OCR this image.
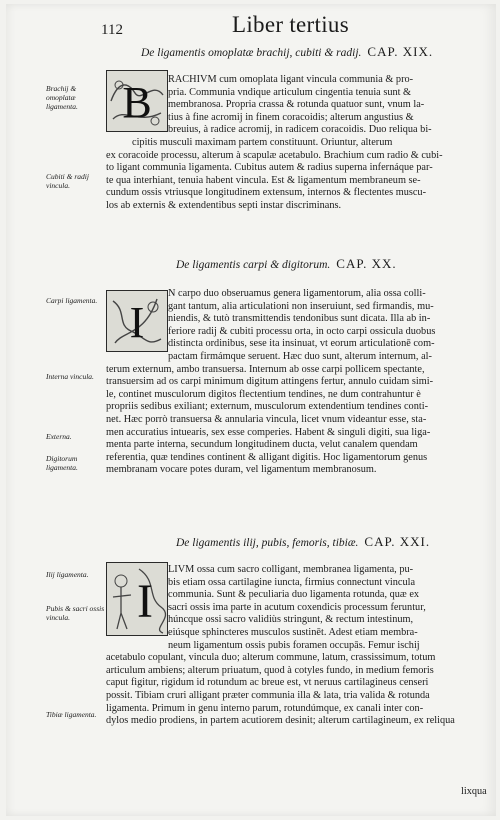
112	Liber tertius
De ligamentis omoplatæ brachij, cubiti & radij. CAP. XIX.
Brachij & omoplatæ ligamenta.
Cubiti & radij vincula.
B	RACHIVM cum omoplata ligant vincula communia & pro-
pria. Communia vndique articulum cingentia tenuia sunt &
membranosa. Propria crassa & rotunda quatuor sunt, vnum la-
tius à fine acromij in finem coracoidis; alterum angustius &
breuius, à radice acromij, in radicem coracoidis. Duo reliqua bi-
cipitis musculi maximam partem constituunt. Oriuntur, alterum
ex coracoide processu, alterum à scapulæ acetabulo. Brachium cum radio & cubi-
to ligant communia ligamenta. Cubitus autem & radius superna infernáque par-
te qua interhiant, tenuia habent vincula. Est & ligamentum membraneum se-
cundum ossis vtriusque longitudinem extensum, internos & flectentes muscu-
los ab externis & extendentibus septi instar discriminans.
De ligamentis carpi & digitorum. CAP. XX.
Carpi ligamenta.
Interna vincula.
Externa.
Digitorum ligamenta.
I
N carpo duo obseruamus genera ligamentorum, alia ossa colli-
gant tantum, alia articulationi non inseruiunt, sed firmandis, mu-
niendis, & tutò transmittendis tendonibus sunt dicata. Illa ab in-
feriore radij & cubiti processu orta, in octo carpi ossicula duobus
distincta ordinibus, sese ita insinuat, vt eorum articulationē com-
pactam firmámque seruent. Hæc duo sunt, alterum internum, al-
terum externum, ambo transuersa. Internum ab osse carpi pollicem spectante,
transuersim ad os carpi minimum digitum attingens fertur, annulo cuidam simi-
le, continet musculorum digitos flectentium tendines, ne dum contrahuntur è
propriis sedibus exiliant; externum, musculorum extendentium tendines conti-
net. Hæc porrò transuersa & annularia vincula, licet vnum videantur esse, sta-
men accuratius intuearis, sex esse comperies. Habent & singuli digiti, sua liga-
menta parte interna, secundum longitudinem ducta, velut canalem quendam
referentia, quæ tendines continent & alligant digitis. Hoc ligamentorum genus
membranam vocare potes duram, vel ligamentum membranosum.
De ligamentis ilij, pubis, femoris, tibiæ. CAP. XXI.
Ilij ligamenta.
Pubis & sacri ossis vincula.
Tibiæ ligamenta.
I
LIVM ossa cum sacro colligant, membranea ligamenta, pu-
bis etiam ossa cartilagine iuncta, firmius connectunt vincula
communia. Sunt & peculiaria duo ligamenta rotunda, quæ ex
sacri ossis ima parte in acutum coxendicis processum feruntur,
húncque ossi sacro validiùs stringunt, & rectum intestinum,
eiúsque sphincteres musculos sustinēt. Adest etiam membra-
neum ligamentum ossis pubis foramen occupās. Femur ischij
acetabulo copulant, vincula duo; alterum commune, latum, crassissimum, totum
articulum ambiens; alterum priuatum, quod à cotyles fundo, in medium femoris
caput figitur, rigidum id rotundum ac breue est, vt neruus cartilagineus censeri
possit. Tibiam cruri alligant præter communia illa & lata, tria valida & rotunda
ligamenta. Primum in genu interno parum, rotundúmque, ex canali inter con-
dylos medio prodiens, in partem acutiorem desinit; alterum cartilagineum, ex reliqua
lixqua
